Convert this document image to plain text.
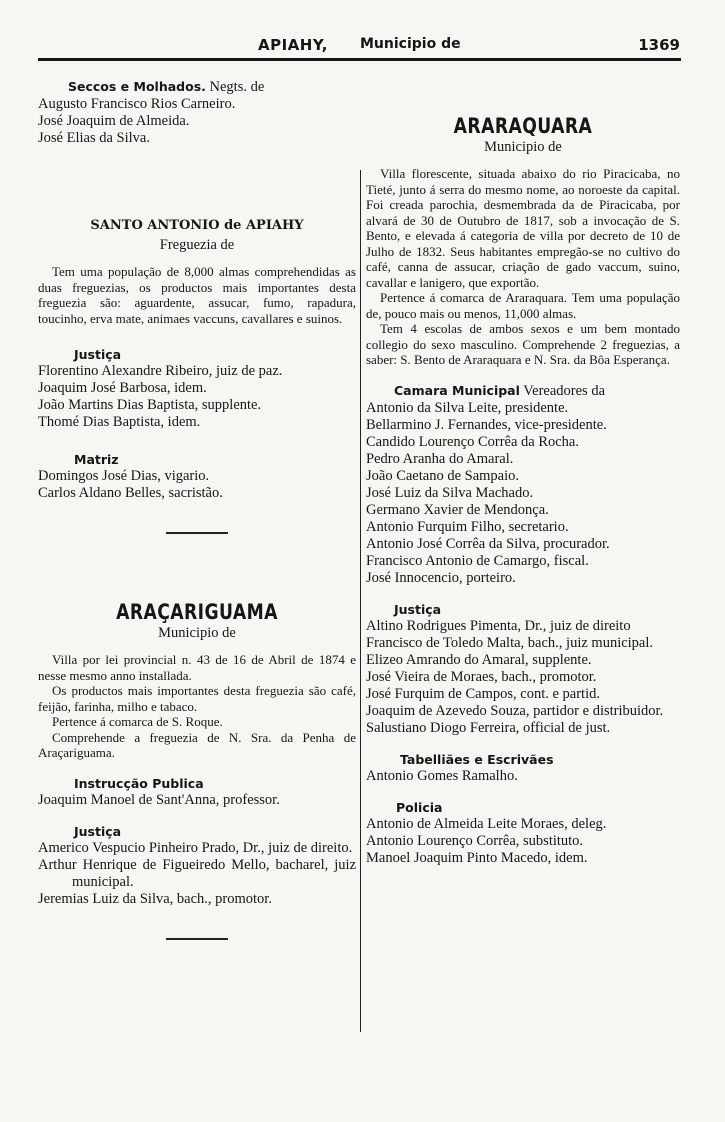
APIAHY, Municipio de	1369

Seccos e Molhados. Negts. de

Augusto Francisco Rios Carneiro.

José Joaquim de Almeida.

José Elias da Silva.

SANTO ANTONIO de APIAHY

Freguezia de

Tem uma população de 8,000 almas comprehendidas as duas freguezias, os productos mais importantes desta freguezia são: aguardente, assucar, fumo, rapadura, toucinho, erva mate, animaes vaccuns, cavallares e suinos.

Justiça

Florentino Alexandre Ribeiro, juiz de paz.

Joaquim José Barbosa, idem.

João Martins Dias Baptista, supplente.

Thomé Dias Baptista, idem.

Matriz

Domingos José Dias, vigario.

Carlos Aldano Belles, sacristão.

ARAÇARIGUAMA

Municipio de

Villa por lei provincial n. 43 de 16 de Abril de 1874 e nesse mesmo anno installada.

Os productos mais importantes desta freguezia são café, feijão, farinha, milho e tabaco.

Pertence á comarca de S. Roque.

Comprehende a freguezia de N. Sra. da Penha de Araçariguama.

Instrucção Publica

Joaquim Manoel de Sant'Anna, professor.

Justiça

Americo Vespucio Pinheiro Prado, Dr., juiz de direito.

Arthur Henrique de Figueiredo Mello, bacharel, juiz municipal.

Jeremias Luiz da Silva, bach., promotor.

ARARAQUARA

Municipio de

Villa florescente, situada abaixo do rio Piracicaba, no Tieté, junto á serra do mesmo nome, ao noroeste da capital. Foi creada parochia, desmembrada da de Piracicaba, por alvará de 30 de Outubro de 1817, sob a invocação de S. Bento, e elevada á categoria de villa por decreto de 10 de Julho de 1832. Seus habitantes empregão-se no cultivo do café, canna de assucar, criação de gado vaccum, suino, cavallar e lanigero, que exportão.

Pertence á comarca de Araraquara. Tem uma população de, pouco mais ou menos, 11,000 almas.

Tem 4 escolas de ambos sexos e um bem montado collegio do sexo masculino. Comprehende 2 freguezias, a saber: S. Bento de Araraquara e N. Sra. da Bôa Esperança.

Camara Municipal Vereadores da

Antonio da Silva Leite, presidente.

Bellarmino J. Fernandes, vice-presidente.

Candido Lourenço Corrêa da Rocha.

Pedro Aranha do Amaral.

João Caetano de Sampaio.

José Luiz da Silva Machado.

Germano Xavier de Mendonça.

Antonio Furquim Filho, secretario.

Antonio José Corrêa da Silva, procurador.

Francisco Antonio de Camargo, fiscal.

José Innocencio, porteiro.

Justiça

Altino Rodrigues Pimenta, Dr., juiz de direito

Francisco de Toledo Malta, bach., juiz municipal.

Elizeo Amrando do Amaral, supplente.

José Vieira de Moraes, bach., promotor.

José Furquim de Campos, cont. e partid.

Joaquim de Azevedo Souza, partidor e distribuidor.

Salustiano Diogo Ferreira, official de just.

Tabelliães e Escrivães

Antonio Gomes Ramalho.

Policia

Antonio de Almeida Leite Moraes, deleg.

Antonio Lourenço Corrêa, substituto.

Manoel Joaquim Pinto Macedo, idem.
